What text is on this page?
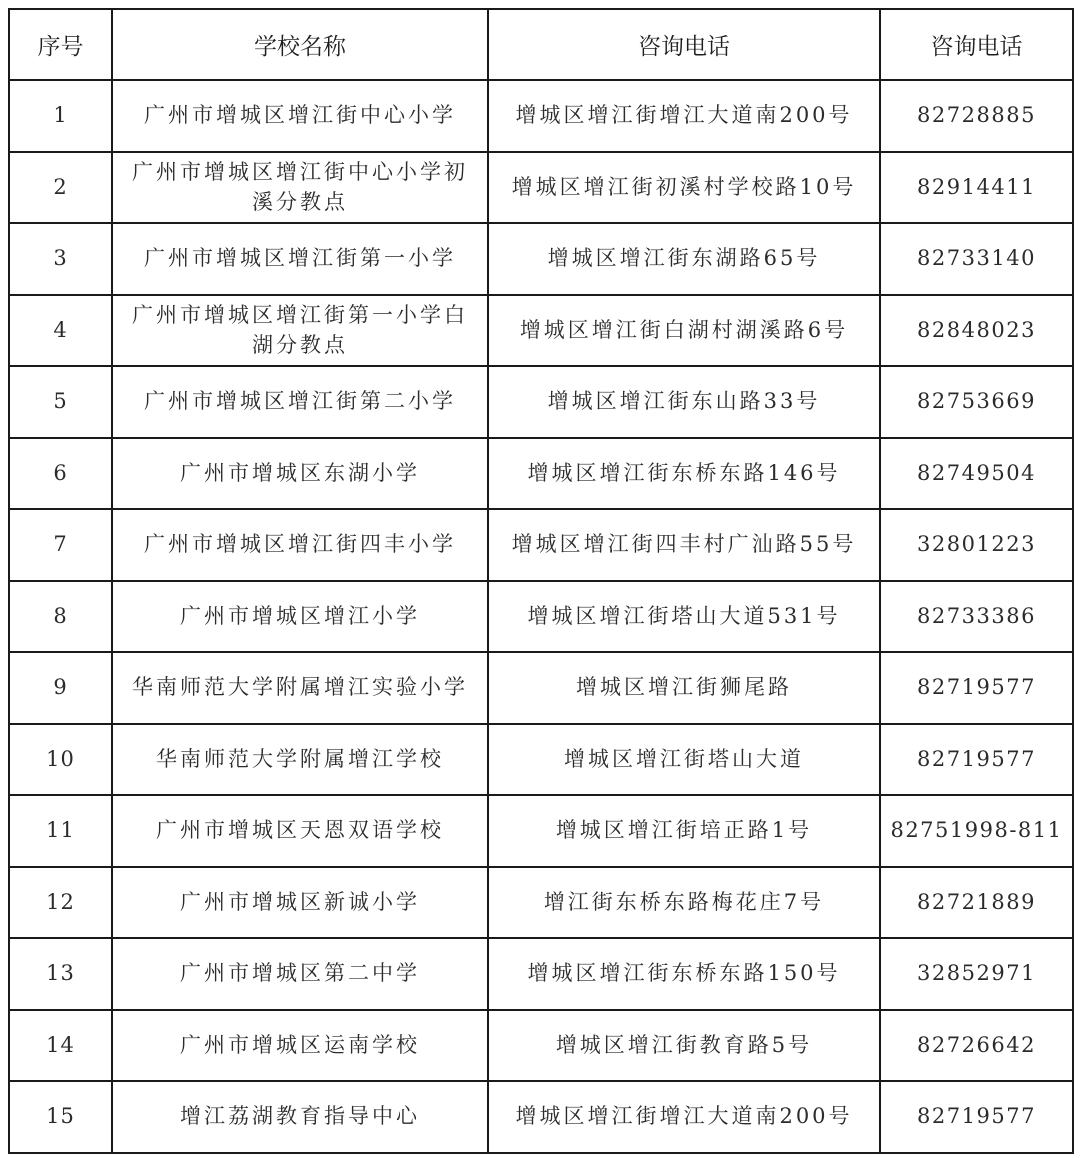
序号	学校名称	咨询电话	咨询电话
1	广州市增城区增江街中心小学	增城区增江街增江大道南200号	82728885
2	广州市增城区增江街中心小学初溪分教点	增城区增江街初溪村学校路10号	82914411
3	广州市增城区增江街第一小学	增城区增江街东湖路65号	82733140
4	广州市增城区增江街第一小学白湖分教点	增城区增江街白湖村湖溪路6号	82848023
5	广州市增城区增江街第二小学	增城区增江街东山路33号	82753669
6	广州市增城区东湖小学	增城区增江街东桥东路146号	82749504
7	广州市增城区增江街四丰小学	增城区增江街四丰村广汕路55号	32801223
8	广州市增城区增江小学	增城区增江街塔山大道531号	82733386
9	华南师范大学附属增江实验小学	增城区增江街狮尾路	82719577
10	华南师范大学附属增江学校	增城区增江街塔山大道	82719577
11	广州市增城区天恩双语学校	增城区增江街培正路1号	82751998-811
12	广州市增城区新诚小学	增江街东桥东路梅花庄7号	82721889
13	广州市增城区第二中学	增城区增江街东桥东路150号	32852971
14	广州市增城区运南学校	增城区增江街教育路5号	82726642
15	增江荔湖教育指导中心	增城区增江街增江大道南200号	82719577
